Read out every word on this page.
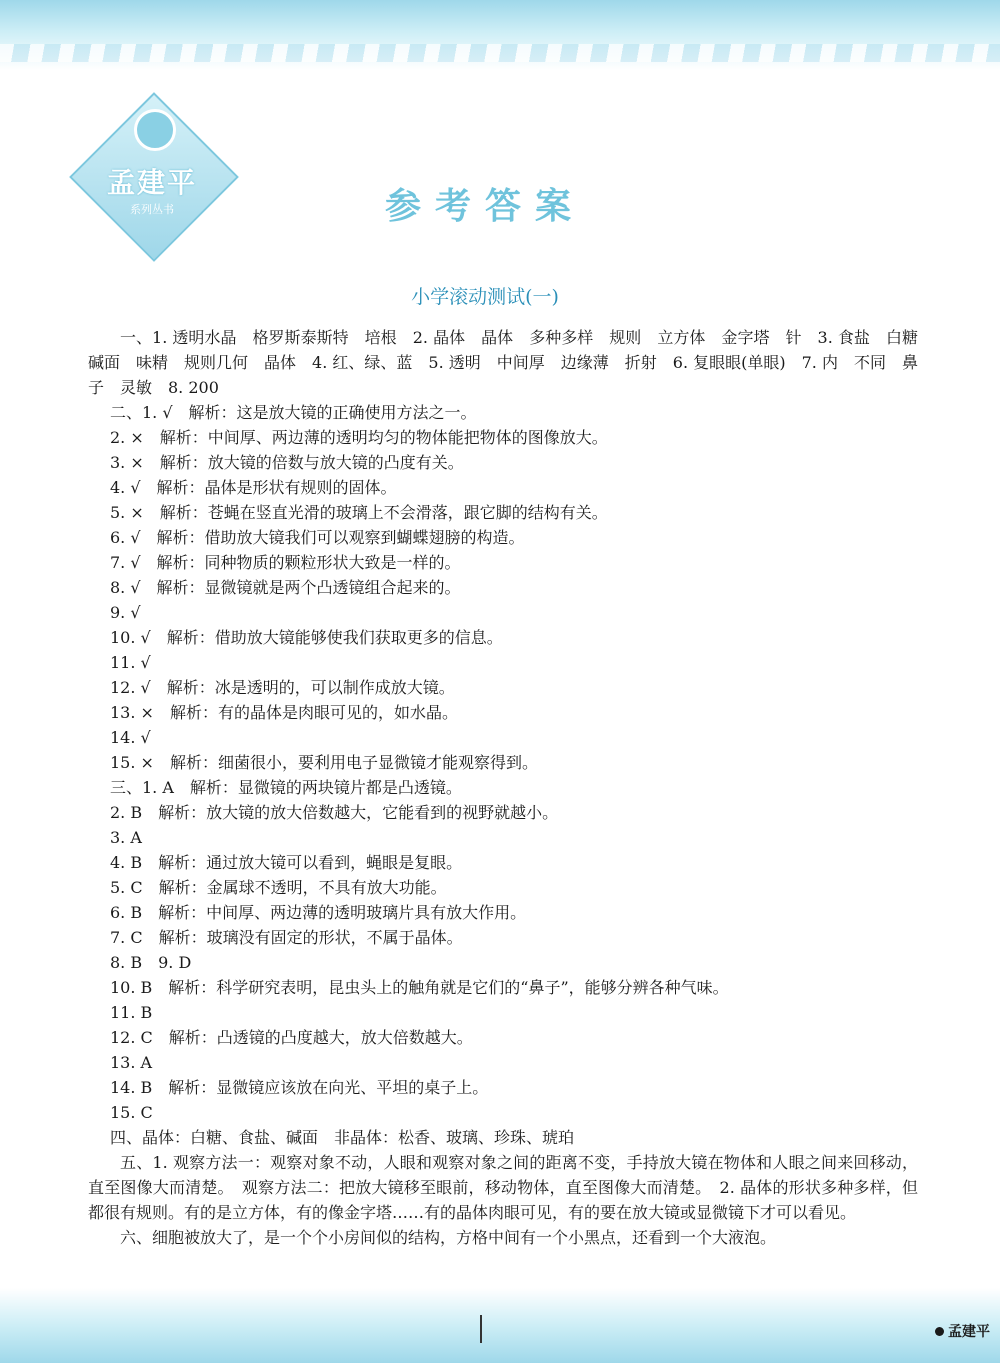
孟建平
系列丛书	参考答案
小学滚动测试(一)

一、1. 透明水晶　格罗斯泰斯特　培根　2. 晶体　晶体　多种多样　规则　立方体　金字塔　针　3. 食盐　白糖　碱面　味精　规则几何　晶体　4. 红、绿、蓝　5. 透明　中间厚　边缘薄　折射　6. 复眼眼(单眼)　7. 内　不同　鼻子　灵敏　8. 200

二、1. √　解析：这是放大镜的正确使用方法之一。

2. ×　解析：中间厚、两边薄的透明均匀的物体能把物体的图像放大。

3. ×　解析：放大镜的倍数与放大镜的凸度有关。

4. √　解析：晶体是形状有规则的固体。

5. ×　解析：苍蝇在竖直光滑的玻璃上不会滑落，跟它脚的结构有关。

6. √　解析：借助放大镜我们可以观察到蝴蝶翅膀的构造。

7. √　解析：同种物质的颗粒形状大致是一样的。

8. √　解析：显微镜就是两个凸透镜组合起来的。

9. √

10. √　解析：借助放大镜能够使我们获取更多的信息。

11. √

12. √　解析：冰是透明的，可以制作成放大镜。

13. ×　解析：有的晶体是肉眼可见的，如水晶。

14. √

15. ×　解析：细菌很小，要利用电子显微镜才能观察得到。

三、1. A　解析：显微镜的两块镜片都是凸透镜。

2. B　解析：放大镜的放大倍数越大，它能看到的视野就越小。

3. A

4. B　解析：通过放大镜可以看到，蝇眼是复眼。

5. C　解析：金属球不透明，不具有放大功能。

6. B　解析：中间厚、两边薄的透明玻璃片具有放大作用。

7. C　解析：玻璃没有固定的形状，不属于晶体。

8. B　9. D

10. B　解析：科学研究表明，昆虫头上的触角就是它们的“鼻子”，能够分辨各种气味。

11. B

12. C　解析：凸透镜的凸度越大，放大倍数越大。

13. A

14. B　解析：显微镜应该放在向光、平坦的桌子上。

15. C

四、晶体：白糖、食盐、碱面　非晶体：松香、玻璃、珍珠、琥珀

五、1. 观察方法一：观察对象不动，人眼和观察对象之间的距离不变，手持放大镜在物体和人眼之间来回移动，直至图像大而清楚。　观察方法二：把放大镜移至眼前，移动物体，直至图像大而清楚。　2. 晶体的形状多种多样，但都很有规则。有的是立方体，有的像金字塔……有的晶体肉眼可见，有的要在放大镜或显微镜下才可以看见。

六、细胞被放大了，是一个个小房间似的结构，方格中间有一个小黑点，还看到一个大液泡。

孟建平
